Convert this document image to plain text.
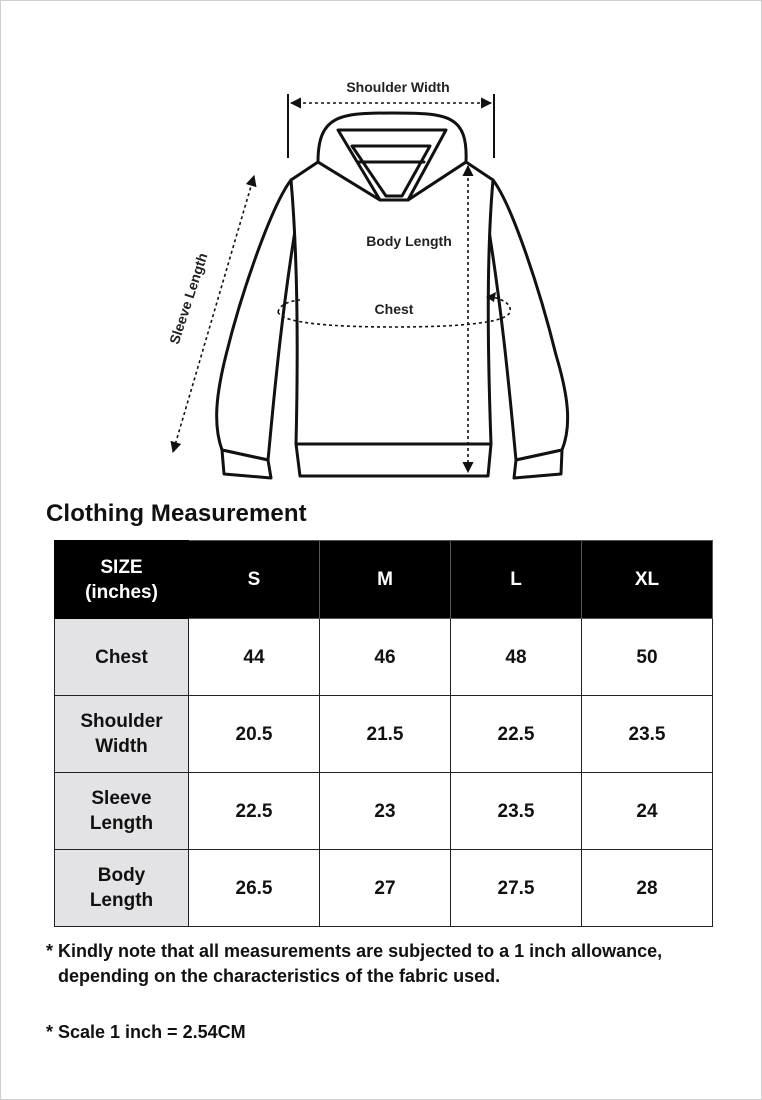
Shoulder Width
Body Length
Chest
Sleeve Length
Clothing Measurement
SIZE
(inches)	S	M	L	XL
Chest	44	46	48	50
Shoulder
Width	20.5	21.5	22.5	23.5
Sleeve
Length	22.5	23	23.5	24
Body
Length	26.5	27	27.5	28
* Kindly note that all measurements are subjected to a 1 inch allowance,
depending on the characteristics of the fabric used.
* Scale 1 inch = 2.54CM
